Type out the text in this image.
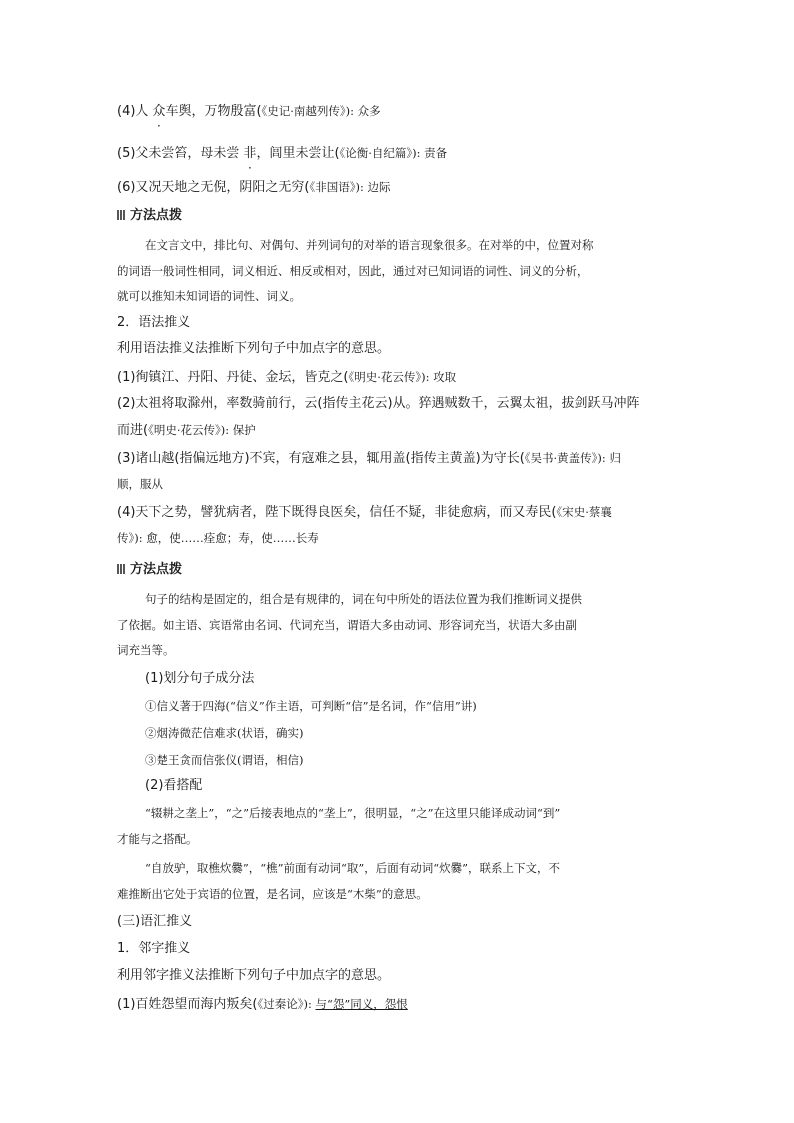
(4)人 众车舆，万物殷富(《史记·南越列传》): 众多
(5)父未尝笞，母未尝 非，闾里未尝让(《论衡·自纪篇》): 责备
(6)又况天地之无倪，阴阳之无穷(《非国语》): 边际
方法点拨
在文言文中，排比句、对偶句、并列词句的对举的语言现象很多。在对举的中，位置对称
的词语一般词性相同，词义相近、相反或相对，因此，通过对已知词语的词性、词义的分析，
就可以推知未知词语的词性、词义。
2．语法推义
利用语法推义法推断下列句子中加点字的意思。
(1)徇镇江、丹阳、丹徒、金坛，皆克之(《明史·花云传》): 攻取
(2)太祖将取滁州，率数骑前行，云(指传主花云)从。猝遇贼数千，云翼太祖，拔剑跃马冲阵
而进(《明史·花云传》): 保护
(3)诸山越(指偏远地方)不宾，有寇难之县，辄用盖(指传主黄盖)为守长(《吴书·黄盖传》): 归
顺，服从
(4)天下之势，譬犹病者，陛下既得良医矣，信任不疑，非徒愈病，而又寿民(《宋史·蔡襄
传》): 愈，使……痊愈；寿，使……长寿
方法点拨
句子的结构是固定的，组合是有规律的，词在句中所处的语法位置为我们推断词义提供
了依据。如主语、宾语常由名词、代词充当，谓语大多由动词、形容词充当，状语大多由副
词充当等。
(1)划分句子成分法
①信义著于四海(“信义”作主语，可判断“信”是名词，作“信用”讲)
②烟涛微茫信难求(状语，确实)
③楚王贪而信张仪(谓语，相信)
(2)看搭配
“辍耕之垄上”，“之”后接表地点的“垄上”，很明显，“之”在这里只能译成动词“到”
才能与之搭配。
“自放驴，取樵炊爨”，“樵”前面有动词“取”，后面有动词“炊爨”，联系上下文，不
难推断出它处于宾语的位置，是名词，应该是“木柴”的意思。
(三)语汇推义
1．邻字推义
利用邻字推义法推断下列句子中加点字的意思。
(1)百姓怨望而海内叛矣(《过秦论》): 与“怨”同义，怨恨
